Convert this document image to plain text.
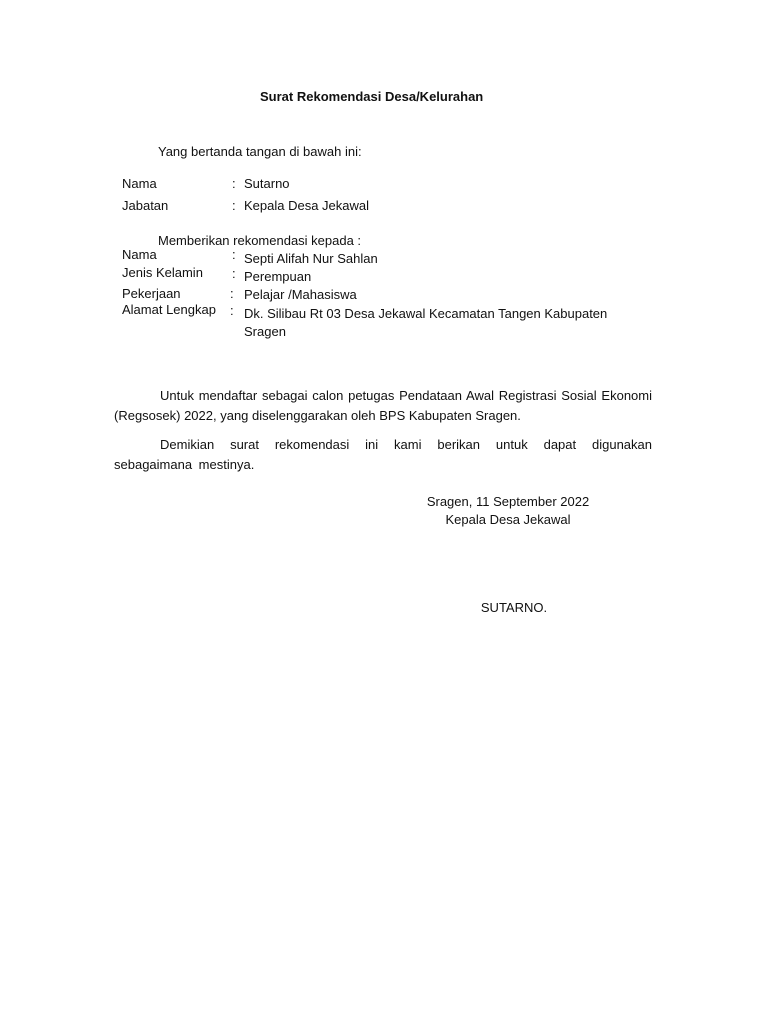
Surat Rekomendasi Desa/Kelurahan
Yang bertanda tangan di bawah ini:
Nama	: Sutarno
Jabatan	: Kepala Desa Jekawal
Memberikan rekomendasi kepada :
Nama	: Septi Alifah Nur Sahlan
Jenis Kelamin : Perempuan
Pekerjaan	: Pelajar /Mahasiswa
Alamat Lengkap : Dk. Silibau Rt 03 Desa Jekawal Kecamatan Tangen Kabupaten Sragen
Untuk mendaftar sebagai calon petugas Pendataan Awal Registrasi Sosial Ekonomi (Regsosek) 2022, yang diselenggarakan oleh BPS Kabupaten Sragen.
Demikian surat rekomendasi ini kami berikan untuk dapat digunakan sebagaimana mestinya.
Sragen, 11 September 2022
Kepala Desa Jekawal
SUTARNO.
